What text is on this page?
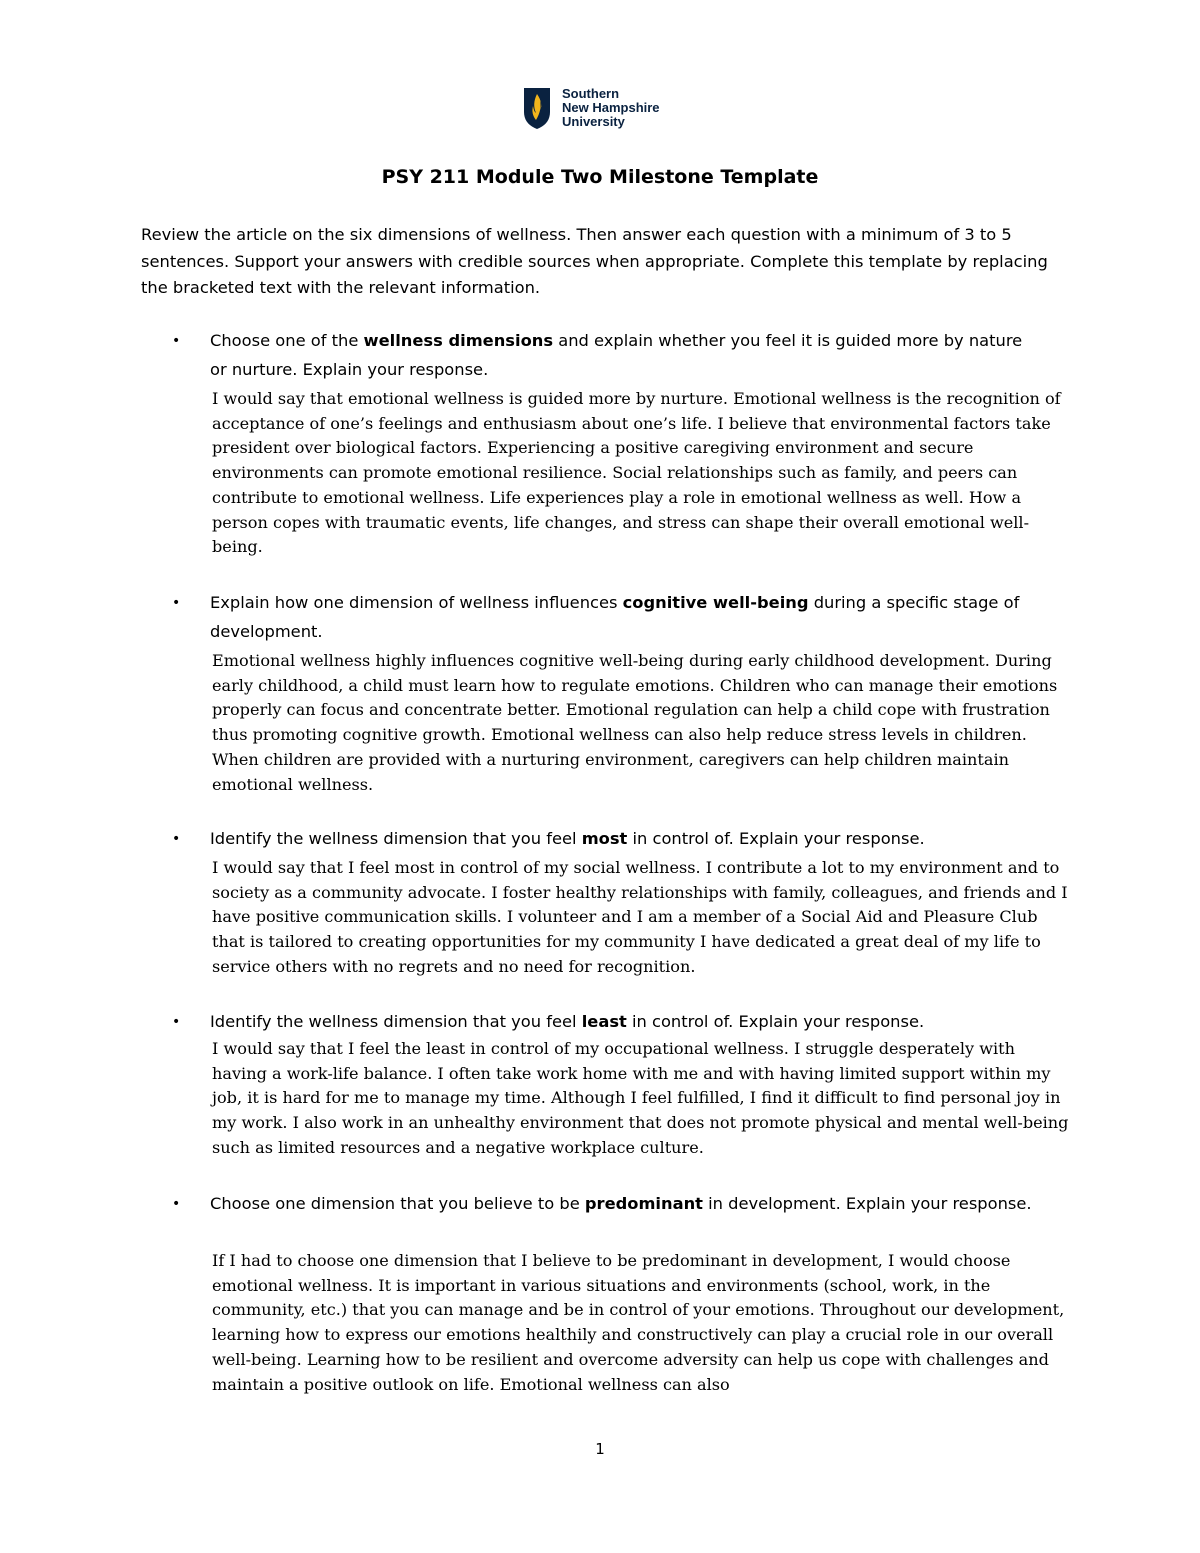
Southern
New Hampshire
University
PSY 211 Module Two Milestone Template
Review the article on the six dimensions of wellness. Then answer each question with a minimum of 3 to 5 sentences. Support your answers with credible sources when appropriate. Complete this template by replacing the bracketed text with the relevant information.
• Choose one of the wellness dimensions and explain whether you feel it is guided more by nature or nurture. Explain your response.
I would say that emotional wellness is guided more by nurture. Emotional wellness is the recognition of acceptance of one’s feelings and enthusiasm about one’s life. I believe that environmental factors take president over biological factors. Experiencing a positive caregiving environment and secure environments can promote emotional resilience. Social relationships such as family, and peers can contribute to emotional wellness. Life experiences play a role in emotional wellness as well. How a person copes with traumatic events, life changes, and stress can shape their overall emotional well-being.
• Explain how one dimension of wellness influences cognitive well-being during a specific stage of development.
Emotional wellness highly influences cognitive well-being during early childhood development. During early childhood, a child must learn how to regulate emotions. Children who can manage their emotions properly can focus and concentrate better. Emotional regulation can help a child cope with frustration thus promoting cognitive growth. Emotional wellness can also help reduce stress levels in children. When children are provided with a nurturing environment, caregivers can help children maintain emotional wellness.
• Identify the wellness dimension that you feel most in control of. Explain your response.
I would say that I feel most in control of my social wellness. I contribute a lot to my environment and to society as a community advocate. I foster healthy relationships with family, colleagues, and friends and I have positive communication skills. I volunteer and I am a member of a Social Aid and Pleasure Club that is tailored to creating opportunities for my community I have dedicated a great deal of my life to service others with no regrets and no need for recognition.
• Identify the wellness dimension that you feel least in control of. Explain your response.
I would say that I feel the least in control of my occupational wellness. I struggle desperately with having a work-life balance. I often take work home with me and with having limited support within my job, it is hard for me to manage my time. Although I feel fulfilled, I find it difficult to find personal joy in my work. I also work in an unhealthy environment that does not promote physical and mental well-being such as limited resources and a negative workplace culture.
• Choose one dimension that you believe to be predominant in development. Explain your response.
If I had to choose one dimension that I believe to be predominant in development, I would choose emotional wellness. It is important in various situations and environments (school, work, in the community, etc.) that you can manage and be in control of your emotions. Throughout our development, learning how to express our emotions healthily and constructively can play a crucial role in our overall well-being. Learning how to be resilient and overcome adversity can help us cope with challenges and maintain a positive outlook on life. Emotional wellness can also
1
